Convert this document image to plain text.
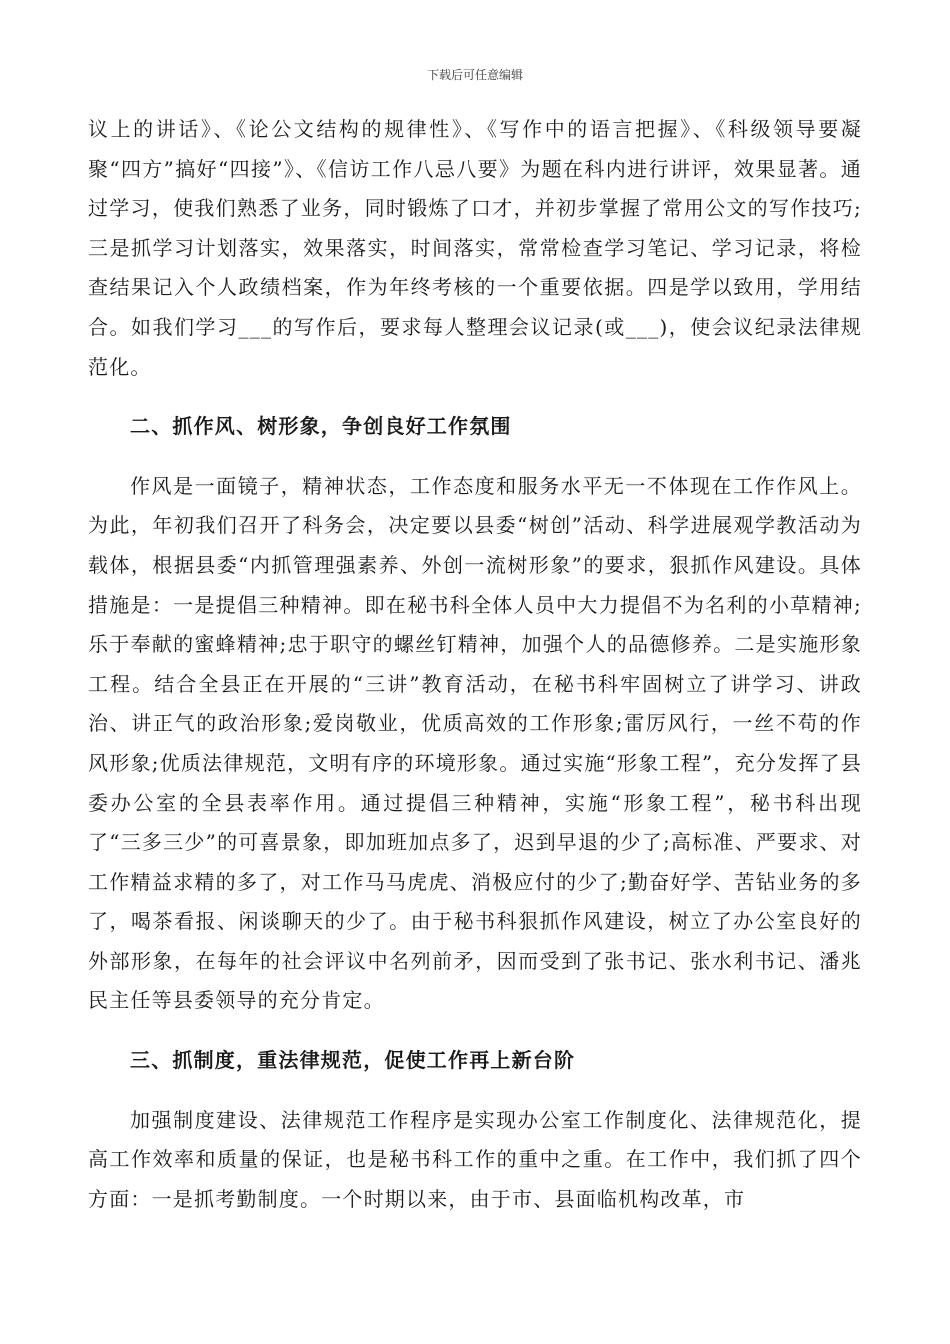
下载后可任意编辑

议上的讲话》、《论公文结构的规律性》、《写作中的语言把握》、《科级领导要凝聚“四方”搞好“四接”》、《信访工作八忌八要》为题在科内进行讲评，效果显著。通过学习，使我们熟悉了业务，同时锻炼了口才，并初步掌握了常用公文的写作技巧;三是抓学习计划落实，效果落实，时间落实，常常检查学习笔记、学习记录，将检查结果记入个人政绩档案，作为年终考核的一个重要依据。四是学以致用，学用结合。如我们学习___的写作后，要求每人整理会议记录(或___)，使会议纪录法律规范化。

二、抓作风、树形象，争创良好工作氛围

作风是一面镜子，精神状态，工作态度和服务水平无一不体现在工作作风上。为此，年初我们召开了科务会，决定要以县委“树创”活动、科学进展观学教活动为载体，根据县委“内抓管理强素养、外创一流树形象”的要求，狠抓作风建设。具体措施是：一是提倡三种精神。即在秘书科全体人员中大力提倡不为名利的小草精神;乐于奉献的蜜蜂精神;忠于职守的螺丝钉精神，加强个人的品德修养。二是实施形象工程。结合全县正在开展的“三讲”教育活动，在秘书科牢固树立了讲学习、讲政治、讲正气的政治形象;爱岗敬业，优质高效的工作形象;雷厉风行，一丝不苟的作风形象;优质法律规范，文明有序的环境形象。通过实施“形象工程”，充分发挥了县委办公室的全县表率作用。通过提倡三种精神，实施“形象工程”，秘书科出现了“三多三少”的可喜景象，即加班加点多了，迟到早退的少了;高标准、严要求、对工作精益求精的多了，对工作马马虎虎、消极应付的少了;勤奋好学、苦钻业务的多了，喝茶看报、闲谈聊天的少了。由于秘书科狠抓作风建设，树立了办公室良好的外部形象，在每年的社会评议中名列前矛，因而受到了张书记、张水利书记、潘兆民主任等县委领导的充分肯定。

三、抓制度，重法律规范，促使工作再上新台阶

加强制度建设、法律规范工作程序是实现办公室工作制度化、法律规范化，提高工作效率和质量的保证，也是秘书科工作的重中之重。在工作中，我们抓了四个方面：一是抓考勤制度。一个时期以来，由于市、县面临机构改革，市
